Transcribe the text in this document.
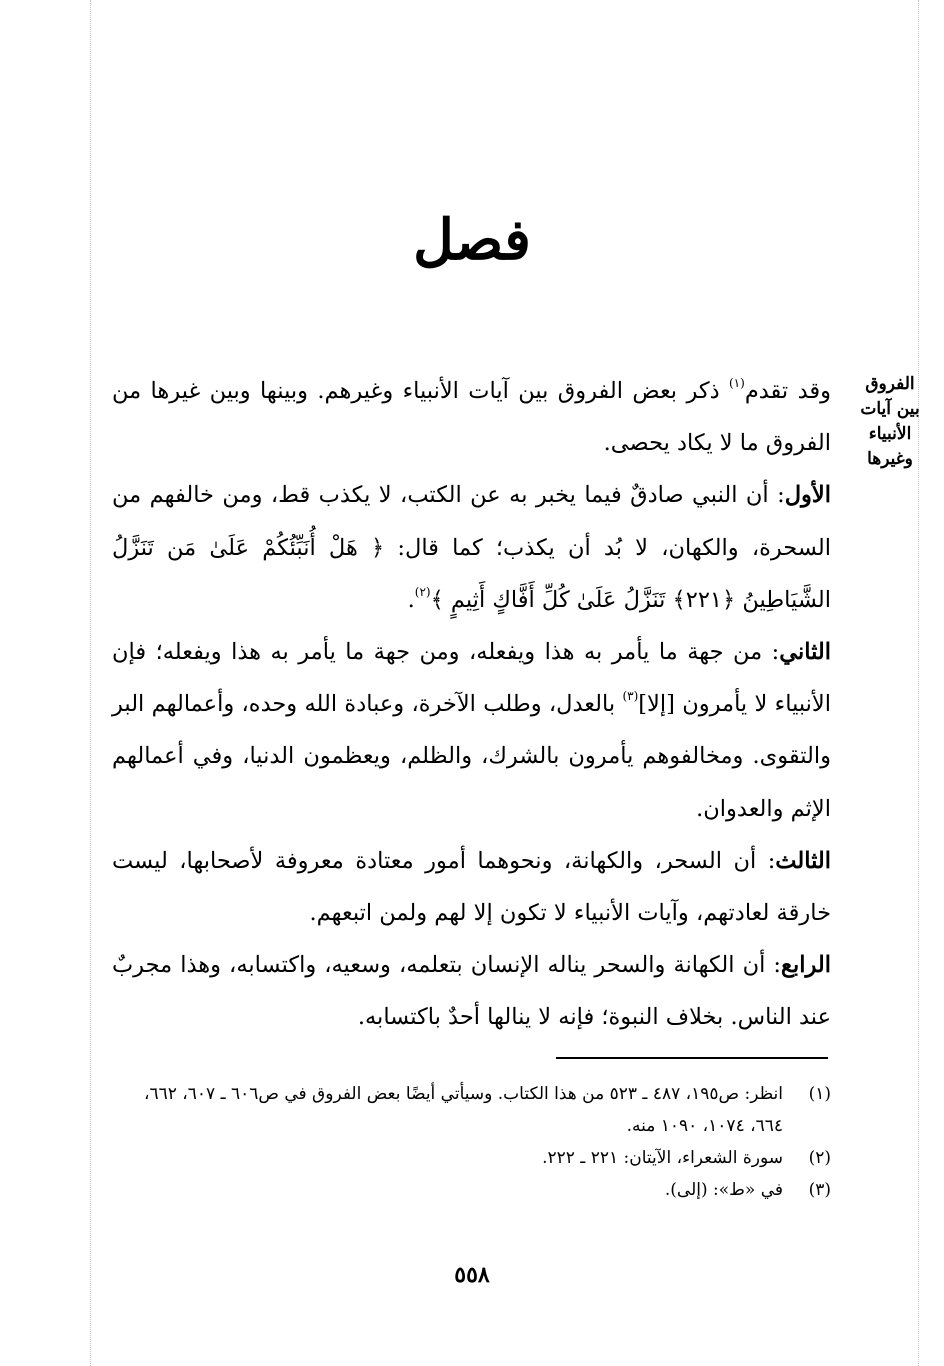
فصل
الفروق
بين آيات الأنبياء
وغيرها

وقد تقدم$^{(١)}$ ذكر بعض الفروق بين آيات الأنبياء وغيرهم. وبينها وبين غيرها من الفروق ما لا يكاد يحصى.

الأول: أن النبي صادقٌ فيما يخبر به عن الكتب، لا يكذب قط، ومن خالفهم من السحرة، والكهان، لا بُد أن يكذب؛ كما قال: ﴿ هَلْ أُنَبِّئُكُمْ عَلَىٰ مَن تَنَزَّلُ الشَّيَاطِينُ ﴿٢٢١﴾ تَنَزَّلُ عَلَىٰ كُلِّ أَفَّاكٍ أَثِيمٍ ﴾$^{(٢)}$.

الثاني: من جهة ما يأمر به هذا ويفعله، ومن جهة ما يأمر به هذا ويفعله؛ فإن الأنبياء لا يأمرون [إلا]$^{(٣)}$ بالعدل، وطلب الآخرة، وعبادة الله وحده، وأعمالهم البر والتقوى. ومخالفوهم يأمرون بالشرك، والظلم، ويعظمون الدنيا، وفي أعمالهم الإثم والعدوان.

الثالث: أن السحر، والكهانة، ونحوهما أمور معتادة معروفة لأصحابها، ليست خارقة لعادتهم، وآيات الأنبياء لا تكون إلا لهم ولمن اتبعهم.

الرابع: أن الكهانة والسحر يناله الإنسان بتعلمه، وسعيه، واكتسابه، وهذا مجربٌ عند الناس. بخلاف النبوة؛ فإنه لا ينالها أحدٌ باكتسابه.

(١)
انظر: ص١٩٥، ٤٨٧ ـ ٥٢٣ من هذا الكتاب. وسيأتي أيضًا بعض الفروق في ص٦٠٦ ـ ٦٠٧، ٦٦٢، ٦٦٤، ١٠٧٤، ١٠٩٠ منه.
(٢)
سورة الشعراء، الآيتان: ٢٢١ ـ ٢٢٢.
(٣)
في «ط»: (إلى).
٥٥٨
